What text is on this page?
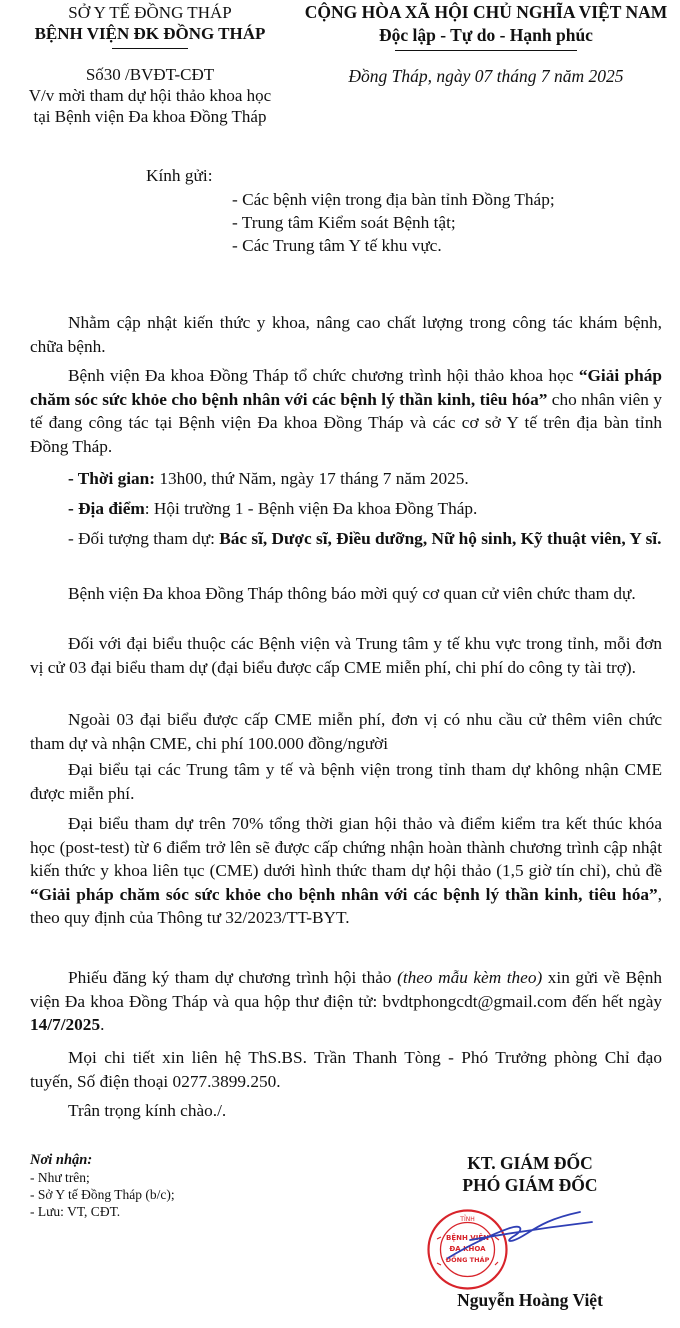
SỞ Y TẾ ĐỒNG THÁP
BỆNH VIỆN ĐK ĐỒNG THÁP
CỘNG HÒA XÃ HỘI CHỦ NGHĨA VIỆT NAM
Độc lập - Tự do - Hạnh phúc
Số30 /BVĐT-CĐT
V/v mời tham dự hội thảo khoa học
tại Bệnh viện Đa khoa Đồng Tháp
Đồng Tháp, ngày 07 tháng 7 năm 2025
Kính gửi:
- Các bệnh viện trong địa bàn tỉnh Đồng Tháp;
- Trung tâm Kiểm soát Bệnh tật;
- Các Trung tâm Y tế khu vực.
Nhằm cập nhật kiến thức y khoa, nâng cao chất lượng trong công tác khám bệnh, chữa bệnh.
Bệnh viện Đa khoa Đồng Tháp tổ chức chương trình hội thảo khoa học “Giải pháp chăm sóc sức khỏe cho bệnh nhân với các bệnh lý thần kinh, tiêu hóa” cho nhân viên y tế đang công tác tại Bệnh viện Đa khoa Đồng Tháp và các cơ sở Y tế trên địa bàn tỉnh Đồng Tháp.
- Thời gian: 13h00, thứ Năm, ngày 17 tháng 7 năm 2025.
- Địa điểm: Hội trường 1 - Bệnh viện Đa khoa Đồng Tháp.
- Đối tượng tham dự: Bác sĩ, Dược sĩ, Điều dưỡng, Nữ hộ sinh, Kỹ thuật viên, Y sĩ.
Bệnh viện Đa khoa Đồng Tháp thông báo mời quý cơ quan cử viên chức tham dự.
Đối với đại biểu thuộc các Bệnh viện và Trung tâm y tế khu vực trong tỉnh, mỗi đơn vị cử 03 đại biểu tham dự (đại biểu được cấp CME miễn phí, chi phí do công ty tài trợ).
Ngoài 03 đại biểu được cấp CME miễn phí, đơn vị có nhu cầu cử thêm viên chức tham dự và nhận CME, chi phí 100.000 đồng/người
Đại biểu tại các Trung tâm y tế và bệnh viện trong tỉnh tham dự không nhận CME được miễn phí.
Đại biểu tham dự trên 70% tổng thời gian hội thảo và điểm kiểm tra kết thúc khóa học (post-test) từ 6 điểm trở lên sẽ được cấp chứng nhận hoàn thành chương trình cập nhật kiến thức y khoa liên tục (CME) dưới hình thức tham dự hội thảo (1,5 giờ tín chỉ), chủ đề “Giải pháp chăm sóc sức khỏe cho bệnh nhân với các bệnh lý thần kinh, tiêu hóa”, theo quy định của Thông tư 32/2023/TT-BYT.
Phiếu đăng ký tham dự chương trình hội thảo (theo mẫu kèm theo) xin gửi về Bệnh viện Đa khoa Đồng Tháp và qua hộp thư điện tử: bvdtphongcdt@gmail.com đến hết ngày 14/7/2025.
Mọi chi tiết xin liên hệ ThS.BS. Trần Thanh Tòng - Phó Trưởng phòng Chỉ đạo tuyến, Số điện thoại 0277.3899.250.
Trân trọng kính chào./.
Nơi nhận:
- Như trên;
- Sở Y tế Đồng Tháp (b/c);
- Lưu: VT, CĐT.
KT. GIÁM ĐỐC
PHÓ GIÁM ĐỐC
TỈNH
BỆNH VIỆN
ĐA KHOA
ĐỒNG THÁP
Nguyễn Hoàng Việt
